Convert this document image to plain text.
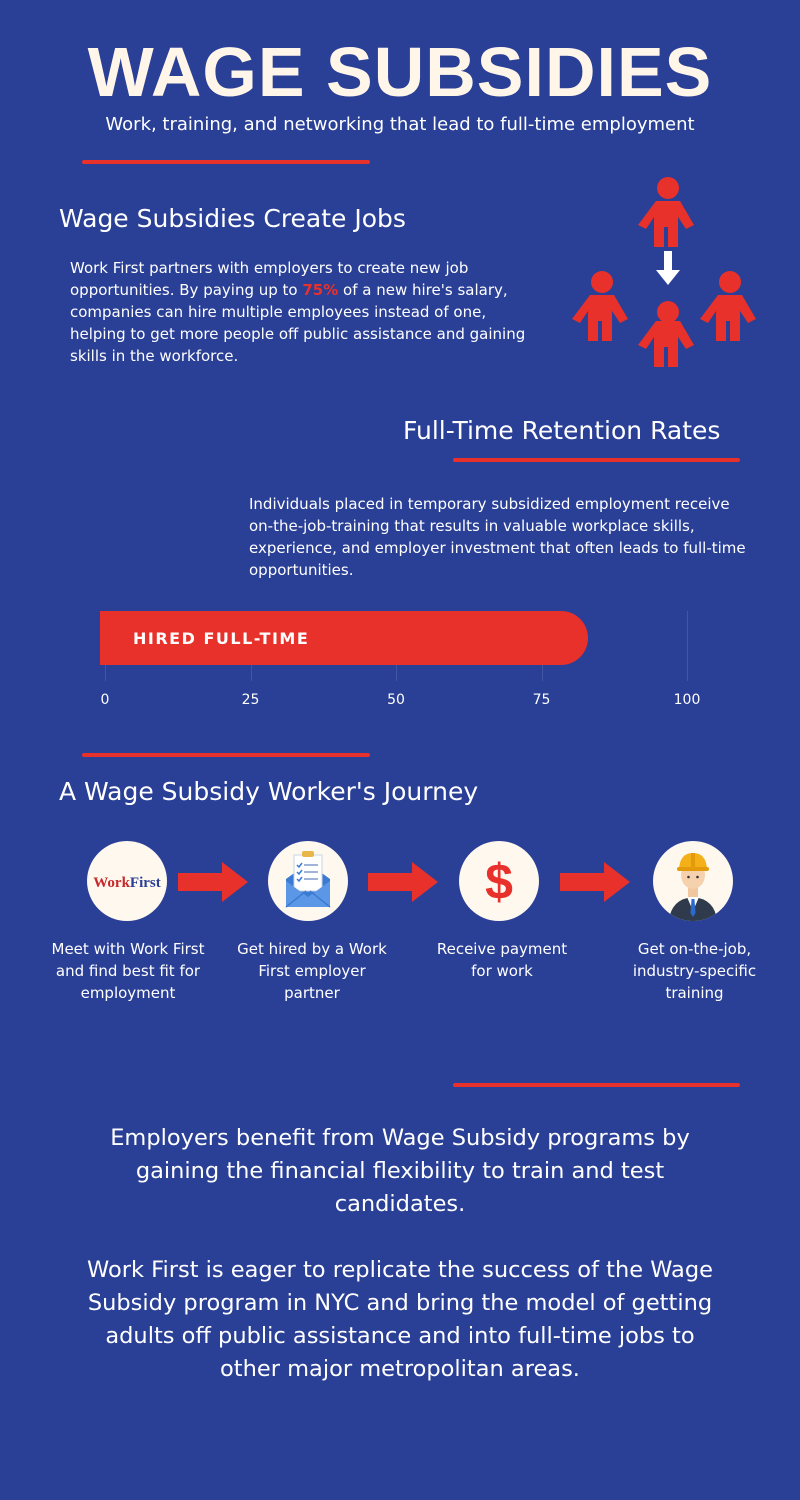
WAGE SUBSIDIES
Work, training, and networking that lead to full-time employment
Wage Subsidies Create Jobs
Work First partners with employers to create new job opportunities. By paying up to 75% of a new hire's salary, companies can hire multiple employees instead of one, helping to get more people off public assistance and gaining skills in the workforce.
Full-Time Retention Rates
Individuals placed in temporary subsidized employment receive on-the-job-training that results in valuable workplace skills, experience, and employer investment that often leads to full-time opportunities.
HIRED FULL-TIME
0	25	50	75	100
A Wage Subsidy Worker's Journey
WorkFirst	$
Meet with Work First and find best fit for employment
Get hired by a Work First employer partner
Receive payment for work
Get on-the-job, industry-specific training
Employers benefit from Wage Subsidy programs by gaining the financial flexibility to train and test candidates.
Work First is eager to replicate the success of the Wage Subsidy program in NYC and bring the model of getting adults off public assistance and into full-time jobs to other major metropolitan areas.
